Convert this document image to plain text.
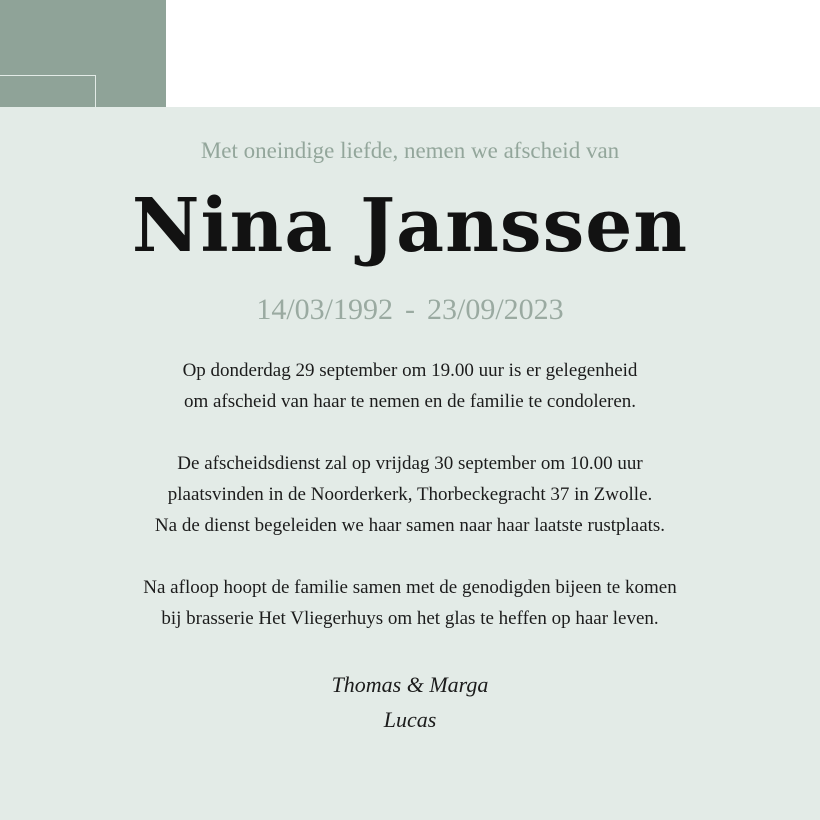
Met oneindige liefde, nemen we afscheid van
Nina Janssen
14/03/1992 - 23/09/2023
Op donderdag 29 september om 19.00 uur is er gelegenheid
om afscheid van haar te nemen en de familie te condoleren.
De afscheidsdienst zal op vrijdag 30 september om 10.00 uur
plaatsvinden in de Noorderkerk, Thorbeckegracht 37 in Zwolle.
Na de dienst begeleiden we haar samen naar haar laatste rustplaats.
Na afloop hoopt de familie samen met de genodigden bijeen te komen
bij brasserie Het Vliegerhuys om het glas te heffen op haar leven.
Thomas & Marga
Lucas
